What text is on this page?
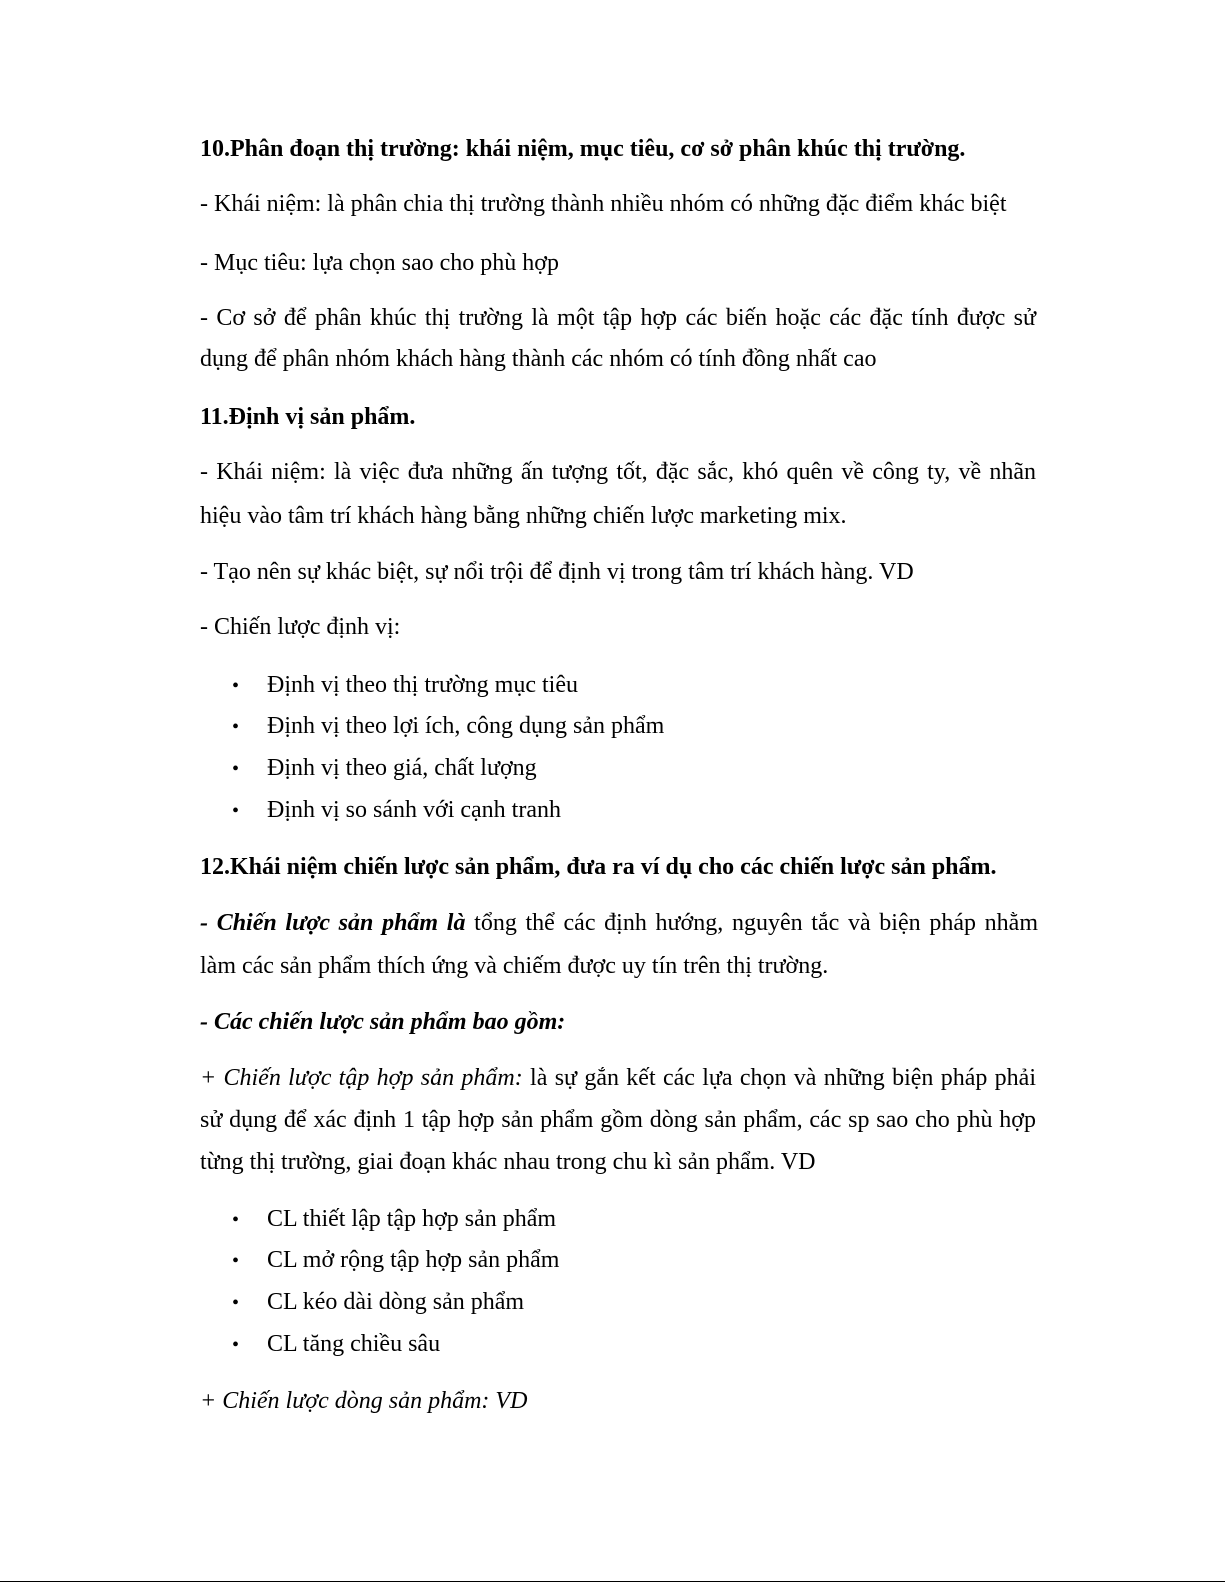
10.Phân đoạn thị trường: khái niệm, mục tiêu, cơ sở phân khúc thị trường.
- Khái niệm: là phân chia thị trường thành nhiều nhóm có những đặc điểm khác biệt
- Mục tiêu: lựa chọn sao cho phù hợp
- Cơ sở để phân khúc thị trường là một tập hợp các biến hoặc các đặc tính được sử
dụng để phân nhóm khách hàng thành các nhóm có tính đồng nhất cao
11.Định vị sản phẩm.
- Khái niệm: là việc đưa những ấn tượng tốt, đặc sắc, khó quên về công ty, về nhãn
hiệu vào tâm trí khách hàng bằng những chiến lược marketing mix.
- Tạo nên sự khác biệt, sự nổi trội để định vị trong tâm trí khách hàng. VD
- Chiến lược định vị:
• Định vị theo thị trường mục tiêu
• Định vị theo lợi ích, công dụng sản phẩm
• Định vị theo giá, chất lượng
• Định vị so sánh với cạnh tranh
12.Khái niệm chiến lược sản phẩm, đưa ra ví dụ cho các chiến lược sản phẩm.
- Chiến lược sản phẩm là tổng thể các định hướng, nguyên tắc và biện pháp nhằm
làm các sản phẩm thích ứng và chiếm được uy tín trên thị trường.
- Các chiến lược sản phẩm bao gồm:
+ Chiến lược tập hợp sản phẩm: là sự gắn kết các lựa chọn và những biện pháp phải
sử dụng để xác định 1 tập hợp sản phẩm gồm dòng sản phẩm, các sp sao cho phù hợp
từng thị trường, giai đoạn khác nhau trong chu kì sản phẩm. VD
• CL thiết lập tập hợp sản phẩm
• CL mở rộng tập hợp sản phẩm
• CL kéo dài dòng sản phẩm
• CL tăng chiều sâu
+ Chiến lược dòng sản phẩm: VD
